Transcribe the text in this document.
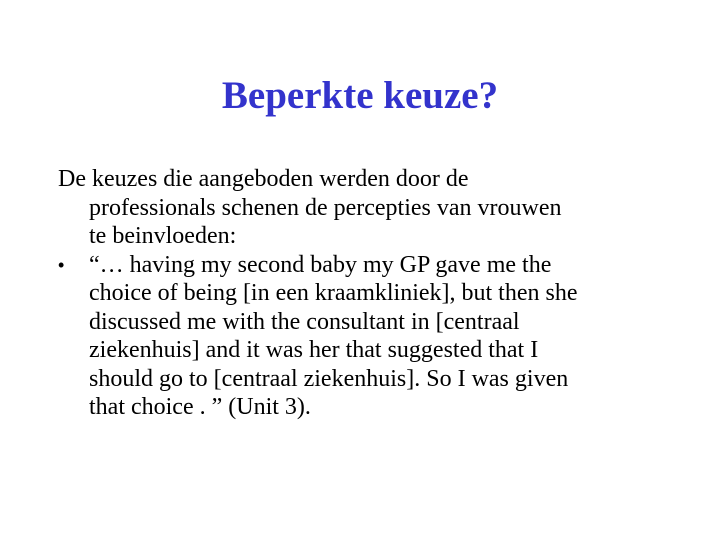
Beperkte keuze?

De keuzes die aangeboden werden door de
professionals schenen de percepties van vrouwen
te beinvloeden:

•	“… having my second baby my GP gave me the
choice of being [in een kraamkliniek], but then she
discussed me with the consultant in [centraal
ziekenhuis] and it was her that suggested that I
should go to [centraal ziekenhuis]. So I was given
that choice . ” (Unit 3).
